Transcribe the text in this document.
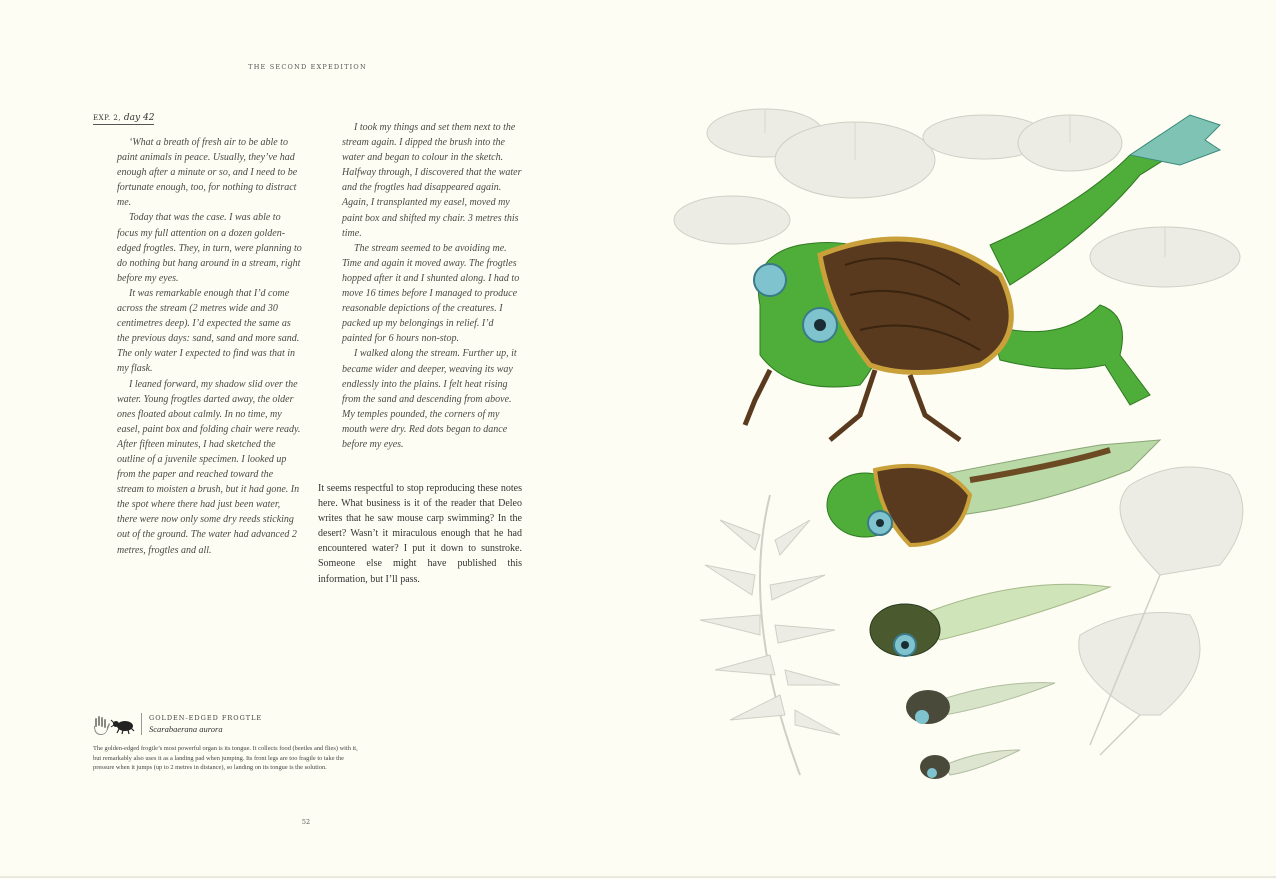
THE SECOND EXPEDITION
EXP. 2, day 42

‘What a breath of fresh air to be able to paint animals in peace. Usually, they’ve had enough after a minute or so, and I need to be fortunate enough, too, for nothing to distract me.

Today that was the case. I was able to focus my full attention on a dozen golden-edged frogtles. They, in turn, were planning to do nothing but hang around in a stream, right before my eyes.

It was remarkable enough that I’d come across the stream (2 metres wide and 30 centimetres deep). I’d expected the same as the previous days: sand, sand and more sand. The only water I expected to find was that in my flask.

I leaned forward, my shadow slid over the water. Young frogtles darted away, the older ones floated about calmly. In no time, my easel, paint box and folding chair were ready. After fifteen minutes, I had sketched the outline of a juvenile specimen. I looked up from the paper and reached toward the stream to moisten a brush, but it had gone. In the spot where there had just been water, there were now only some dry reeds sticking out of the ground. The water had advanced 2 metres, frogtles and all.

I took my things and set them next to the stream again. I dipped the brush into the water and began to colour in the sketch. Halfway through, I discovered that the water and the frogtles had disappeared again. Again, I transplanted my easel, moved my paint box and shifted my chair. 3 metres this time.

The stream seemed to be avoiding me. Time and again it moved away. The frogtles hopped after it and I shunted along. I had to move 16 times before I managed to produce reasonable depictions of the creatures. I packed up my belongings in relief. I’d painted for 6 hours non-stop.

I walked along the stream. Further up, it became wider and deeper, weaving its way endlessly into the plains. I felt heat rising from the sand and descending from above. My temples pounded, the corners of my mouth were dry. Red dots began to dance before my eyes.

It seems respectful to stop reproducing these notes here. What business is it of the reader that Deleo writes that he saw mouse carp swimming? In the desert? Wasn’t it miraculous enough that he had encountered water? I put it down to sunstroke. Someone else might have published this information, but I’ll pass.
GOLDEN-EDGED FROGTLE
Scarabaerana aurora
The golden-edged frogtle’s most powerful organ is its tongue. It collects food (beetles and flies) with it, but remarkably also uses it as a landing pad when jumping. Its front legs are too fragile to take the pressure when it jumps (up to 2 metres in distance), so landing on its tongue is the solution.
52
